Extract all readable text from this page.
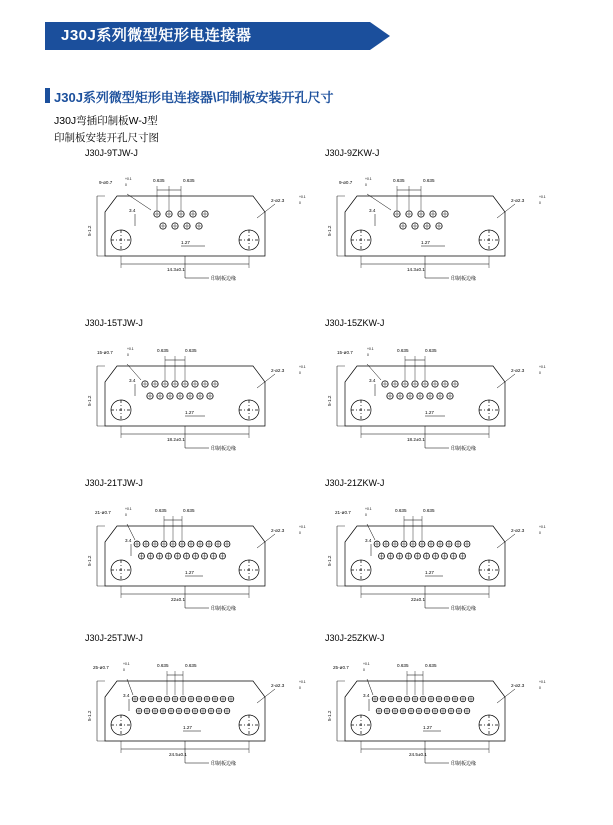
J30J系列微型矩形电连接器
J30J系列微型矩形电连接器\印制板安装开孔尺寸
J30J弯插印制板W-J型
印制板安装开孔尺寸图
J30J-9TJW-J
9-ø0.7
+0.1
0
0.635	0.635
2-ø2.3
+0.1
0
1.27
14.3±0.1
5-1.2
3.4
印制板边缘
J30J-9ZKW-J
9-ø0.7
+0.1
0
0.635	0.635
2-ø2.3
+0.1
0
1.27
14.3±0.1
5-1.2
3.4
印制板边缘
J30J-15TJW-J
15-ø0.7
+0.1
0
0.635	0.635
2-ø2.3
+0.1
0
1.27
18.2±0.1
5-1.2
3.4
印制板边缘
J30J-15ZKW-J
15-ø0.7
+0.1
0
0.635	0.635
2-ø2.3
+0.1
0
1.27
18.2±0.1
5-1.2
3.4
印制板边缘
J30J-21TJW-J
21-ø0.7
+0.1
0
0.635	0.635
2-ø2.3
+0.1
0
1.27
22±0.1
5-1.2
3.4
印制板边缘
J30J-21ZKW-J
21-ø0.7
+0.1
0
0.635	0.635
2-ø2.3
+0.1
0
1.27
22±0.1
5-1.2
3.4
印制板边缘
J30J-25TJW-J
25-ø0.7
+0.1
0
0.635	0.635
2-ø2.3
+0.1
0
1.27
24.5±0.1
5-1.2
3.4
印制板边缘
J30J-25ZKW-J
25-ø0.7
+0.1
0
0.635	0.635
2-ø2.3
+0.1
0
1.27
24.5±0.1
5-1.2
3.4
印制板边缘
